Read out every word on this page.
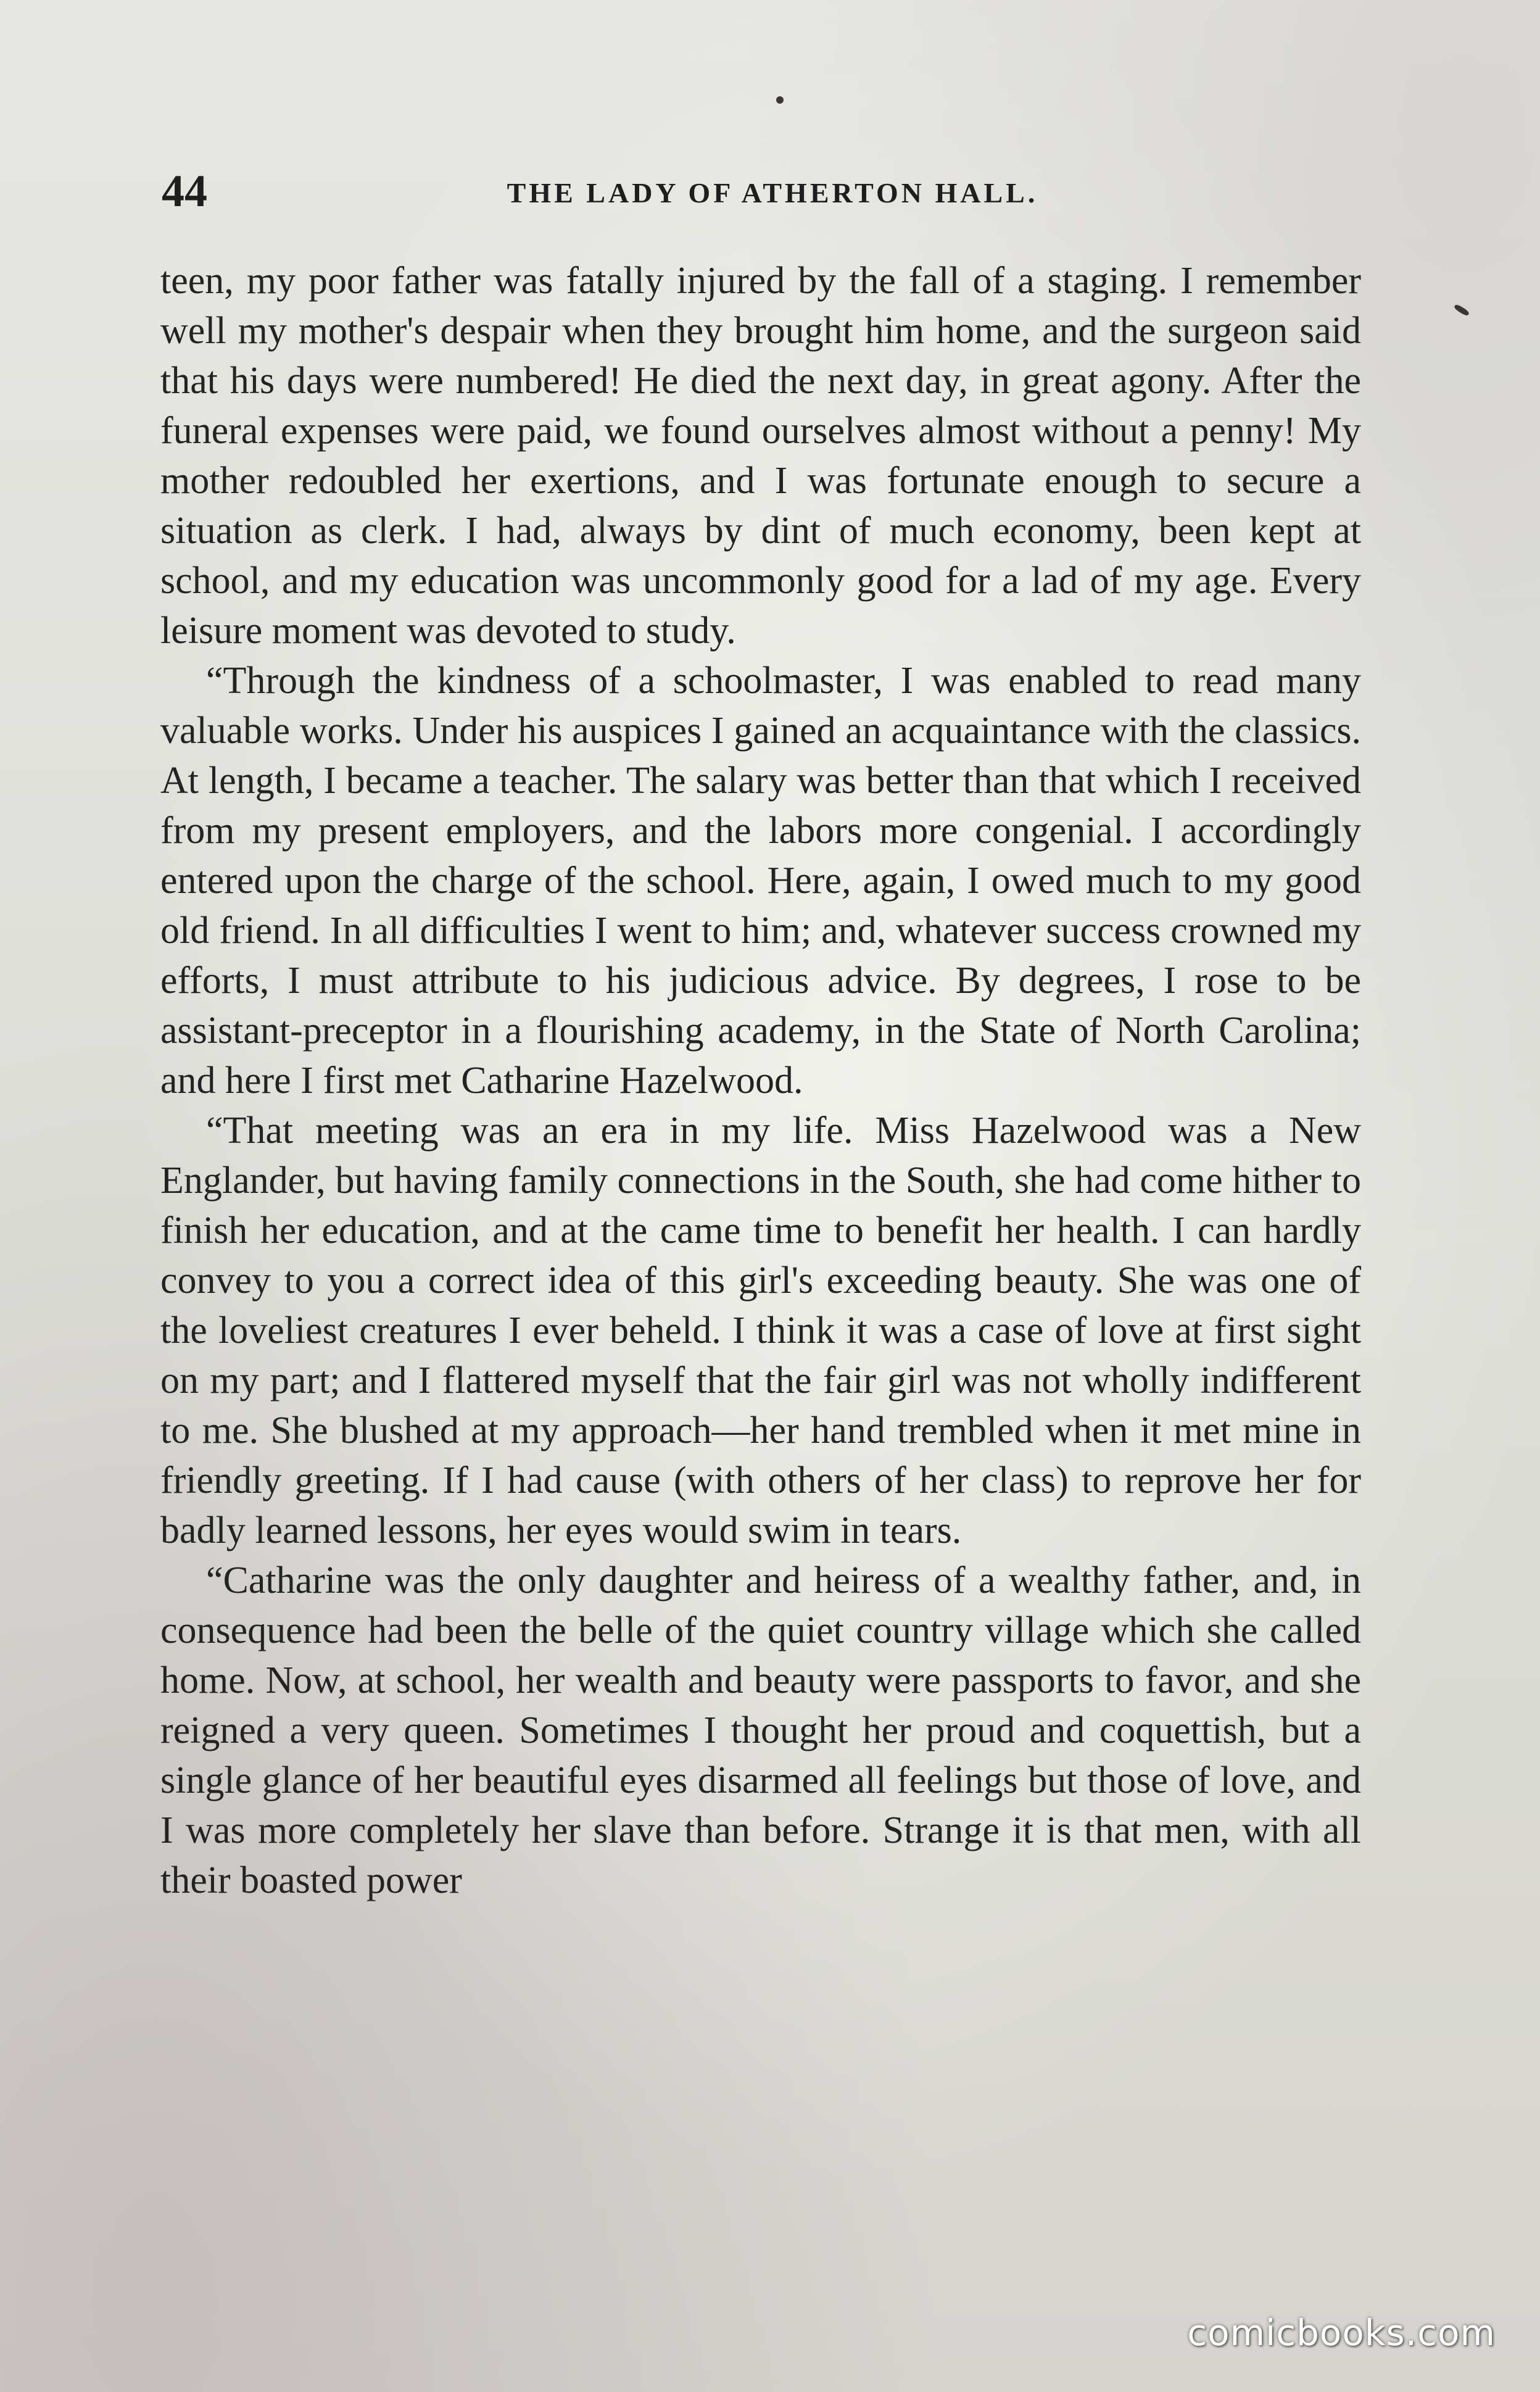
44	THE LADY OF ATHERTON HALL.

teen, my poor father was fatally injured by the fall of a staging. I remember well my mother's despair when they brought him home, and the surgeon said that his days were numbered! He died the next day, in great agony. After the funeral expenses were paid, we found ourselves almost without a penny! My mother redoubled her exertions, and I was fortunate enough to secure a situation as clerk. I had, always by dint of much economy, been kept at school, and my education was uncommonly good for a lad of my age. Every leisure moment was devoted to study.

“Through the kindness of a schoolmaster, I was enabled to read many valuable works. Under his auspices I gained an acquaintance with the classics. At length, I became a teacher. The salary was better than that which I received from my present employers, and the labors more congenial. I accordingly entered upon the charge of the school. Here, again, I owed much to my good old friend. In all difficulties I went to him; and, whatever success crowned my efforts, I must attribute to his judicious advice. By degrees, I rose to be assistant-preceptor in a flourishing academy, in the State of North Carolina; and here I first met Catharine Hazelwood.

“That meeting was an era in my life. Miss Hazelwood was a New Englander, but having family connections in the South, she had come hither to finish her education, and at the came time to benefit her health. I can hardly convey to you a correct idea of this girl's exceeding beauty. She was one of the loveliest creatures I ever beheld. I think it was a case of love at first sight on my part; and I flattered myself that the fair girl was not wholly indifferent to me. She blushed at my approach—her hand trembled when it met mine in friendly greeting. If I had cause (with others of her class) to reprove her for badly learned lessons, her eyes would swim in tears.

“Catharine was the only daughter and heiress of a wealthy father, and, in consequence had been the belle of the quiet country village which she called home. Now, at school, her wealth and beauty were passports to favor, and she reigned a very queen. Sometimes I thought her proud and coquettish, but a single glance of her beautiful eyes disarmed all feelings but those of love, and I was more completely her slave than before. Strange it is that men, with all their boasted power

comicbooks.com
